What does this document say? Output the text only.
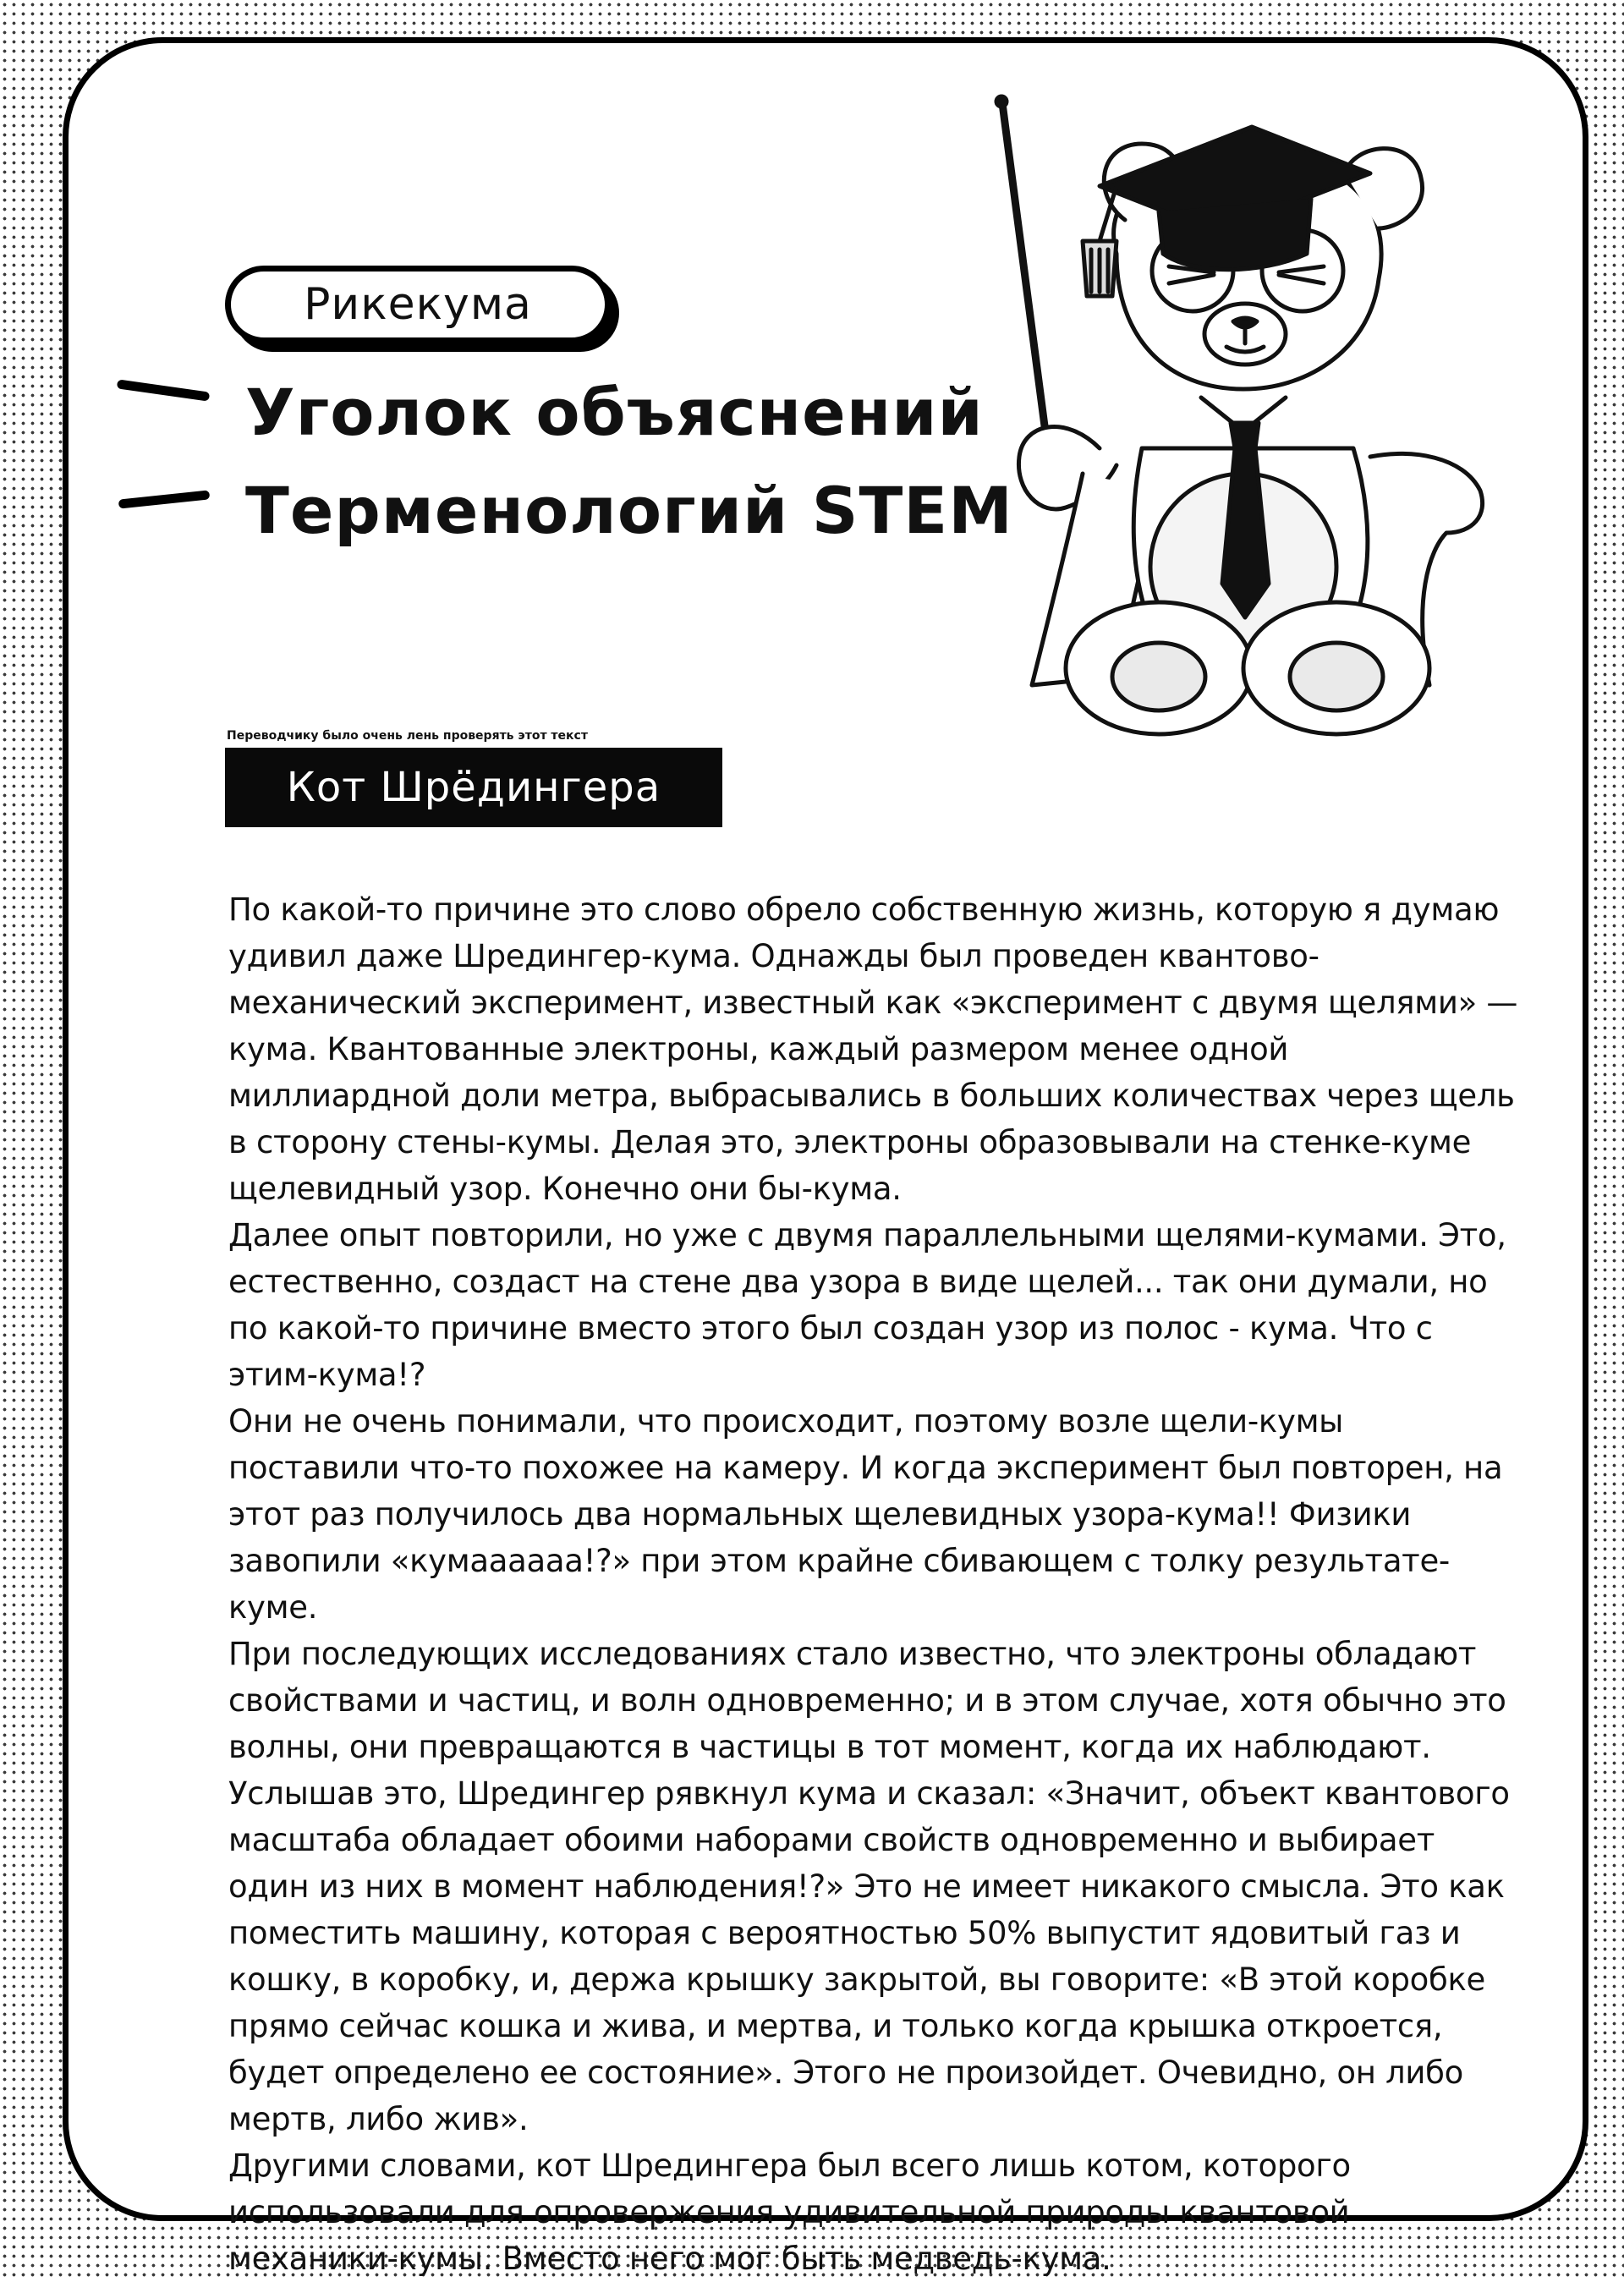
Рикекума
Уголок объяснений
Терменологий STEM
Переводчику было очень лень проверять этот текст
Кот Шрёдингера

По какой-то причине это слово обрело собственную жизнь, которую я думаю удивил даже Шредингер-кума. Однажды был проведен квантово-механический эксперимент, известный как «эксперимент с двумя щелями» — кума. Квантованные электроны, каждый размером менее одной миллиардной доли метра, выбрасывались в больших количествах через щель в сторону стены-кумы. Делая это, электроны образовывали на стенке-куме щелевидный узор. Конечно они бы-кума.

Далее опыт повторили, но уже с двумя параллельными щелями-кумами. Это, естественно, создаст на стене два узора в виде щелей... так они думали, но по какой-то причине вместо этого был создан узор из полос - кума. Что с этим-кума!?

Они не очень понимали, что происходит, поэтому возле щели-кумы поставили что-то похожее на камеру. И когда эксперимент был повторен, на этот раз получилось два нормальных щелевидных узора-кума!! Физики завопили «кумаааааа!?» при этом крайне сбивающем с толку результате-куме.

При последующих исследованиях стало известно, что электроны обладают свойствами и частиц, и волн одновременно; и в этом случае, хотя обычно это волны, они превращаются в частицы в тот момент, когда их наблюдают.

Услышав это, Шредингер рявкнул кума и сказал: «Значит, объект квантового масштаба обладает обоими наборами свойств одновременно и выбирает один из них в момент наблюдения!?» Это не имеет никакого смысла. Это как поместить машину, которая с вероятностью 50% выпустит ядовитый газ и кошку, в коробку, и, держа крышку закрытой, вы говорите: «В этой коробке прямо сейчас кошка и жива, и мертва, и только когда крышка откроется, будет определено ее состояние». Этого не произойдет. Очевидно, он либо мертв, либо жив».

Другими словами, кот Шредингера был всего лишь котом, которого использовали для опровержения удивительной природы квантовой механики-кумы. Вместо него мог быть медведь-кума.
